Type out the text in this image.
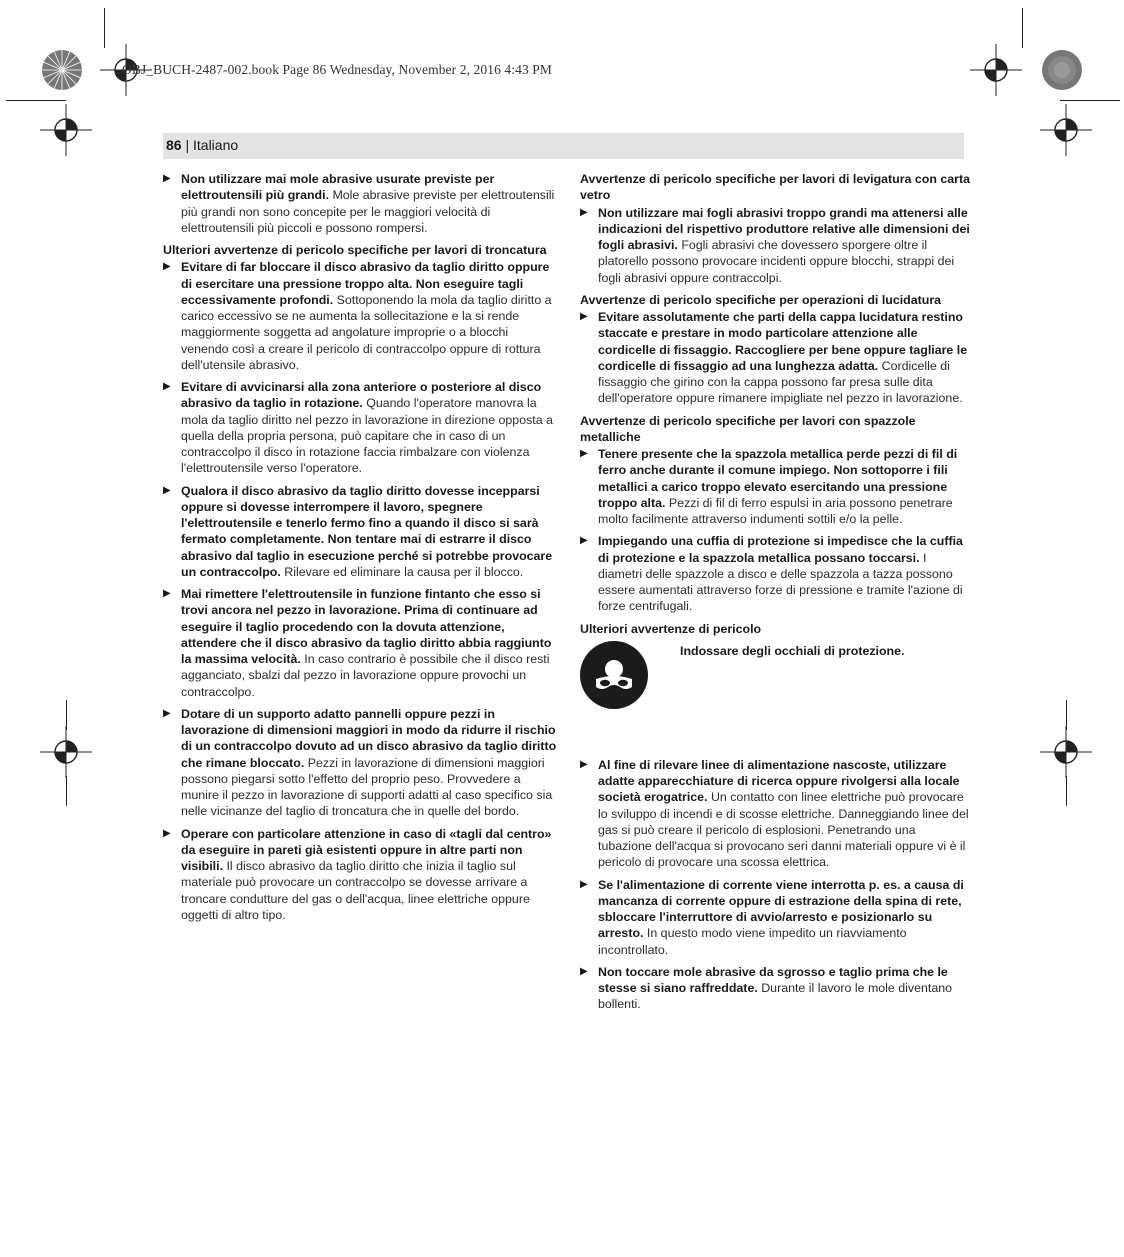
OBJ_BUCH-2487-002.book Page 86 Wednesday, November 2, 2016 4:43 PM
86 | Italiano
▶ Non utilizzare mai mole abrasive usurate previste per elettroutensili più grandi. Mole abrasive previste per elettroutensili più grandi non sono concepite per le maggiori velocità di elettroutensili più piccoli e possono rompersi.
Ulteriori avvertenze di pericolo specifiche per lavori di troncatura
▶ Evitare di far bloccare il disco abrasivo da taglio diritto oppure di esercitare una pressione troppo alta. Non eseguire tagli eccessivamente profondi. Sottoponendo la mola da taglio diritto a carico eccessivo se ne aumenta la sollecitazione e la si rende maggiormente soggetta ad angolature improprie o a blocchi venendo così a creare il pericolo di contraccolpo oppure di rottura dell'utensile abrasivo.
▶ Evitare di avvicinarsi alla zona anteriore o posteriore al disco abrasivo da taglio in rotazione. Quando l'operatore manovra la mola da taglio diritto nel pezzo in lavorazione in direzione opposta a quella della propria persona, può capitare che in caso di un contraccolpo il disco in rotazione faccia rimbalzare con violenza l'elettroutensile verso l'operatore.
▶ Qualora il disco abrasivo da taglio diritto dovesse incepparsi oppure si dovesse interrompere il lavoro, spegnere l'elettroutensile e tenerlo fermo fino a quando il disco si sarà fermato completamente. Non tentare mai di estrarre il disco abrasivo dal taglio in esecuzione perché si potrebbe provocare un contraccolpo. Rilevare ed eliminare la causa per il blocco.
▶ Mai rimettere l'elettroutensile in funzione fintanto che esso si trovi ancora nel pezzo in lavorazione. Prima di continuare ad eseguire il taglio procedendo con la dovuta attenzione, attendere che il disco abrasivo da taglio diritto abbia raggiunto la massima velocità. In caso contrario è possibile che il disco resti agganciato, sbalzi dal pezzo in lavorazione oppure provochi un contraccolpo.
▶ Dotare di un supporto adatto pannelli oppure pezzi in lavorazione di dimensioni maggiori in modo da ridurre il rischio di un contraccolpo dovuto ad un disco abrasivo da taglio diritto che rimane bloccato. Pezzi in lavorazione di dimensioni maggiori possono piegarsi sotto l'effetto del proprio peso. Provvedere a munire il pezzo in lavorazione di supporti adatti al caso specifico sia nelle vicinanze del taglio di troncatura che in quelle del bordo.
▶ Operare con particolare attenzione in caso di «tagli dal centro» da eseguire in pareti già esistenti oppure in altre parti non visibili. Il disco abrasivo da taglio diritto che inizia il taglio sul materiale può provocare un contraccolpo se dovesse arrivare a troncare condutture del gas o dell'acqua, linee elettriche oppure oggetti di altro tipo.
Avvertenze di pericolo specifiche per lavori di levigatura con carta vetro
▶ Non utilizzare mai fogli abrasivi troppo grandi ma attenersi alle indicazioni del rispettivo produttore relative alle dimensioni dei fogli abrasivi. Fogli abrasivi che dovessero sporgere oltre il platorello possono provocare incidenti oppure blocchi, strappi dei fogli abrasivi oppure contraccolpi.
Avvertenze di pericolo specifiche per operazioni di lucidatura
▶ Evitare assolutamente che parti della cappa lucidatura restino staccate e prestare in modo particolare attenzione alle cordicelle di fissaggio. Raccogliere per bene oppure tagliare le cordicelle di fissaggio ad una lunghezza adatta. Cordicelle di fissaggio che girino con la cappa possono far presa sulle dita dell'operatore oppure rimanere impigliate nel pezzo in lavorazione.
Avvertenze di pericolo specifiche per lavori con spazzole metalliche
▶ Tenere presente che la spazzola metallica perde pezzi di fil di ferro anche durante il comune impiego. Non sottoporre i fili metallici a carico troppo elevato esercitando una pressione troppo alta. Pezzi di fil di ferro espulsi in aria possono penetrare molto facilmente attraverso indumenti sottili e/o la pelle.
▶ Impiegando una cuffia di protezione si impedisce che la cuffia di protezione e la spazzola metallica possano toccarsi. I diametri delle spazzole a disco e delle spazzola a tazza possono essere aumentati attraverso forze di pressione e tramite l'azione di forze centrifugali.
Ulteriori avvertenze di pericolo
Indossare degli occhiali di protezione.
▶ Al fine di rilevare linee di alimentazione nascoste, utilizzare adatte apparecchiature di ricerca oppure rivolgersi alla locale società erogatrice. Un contatto con linee elettriche può provocare lo sviluppo di incendi e di scosse elettriche. Danneggiando linee del gas si può creare il pericolo di esplosioni. Penetrando una tubazione dell'acqua si provocano seri danni materiali oppure vi è il pericolo di provocare una scossa elettrica.
▶ Se l'alimentazione di corrente viene interrotta p. es. a causa di mancanza di corrente oppure di estrazione della spina di rete, sbloccare l'interruttore di avvio/arresto e posizionarlo su arresto. In questo modo viene impedito un riavviamento incontrollato.
▶ Non toccare mole abrasive da sgrosso e taglio prima che le stesse si siano raffreddate. Durante il lavoro le mole diventano bollenti.
